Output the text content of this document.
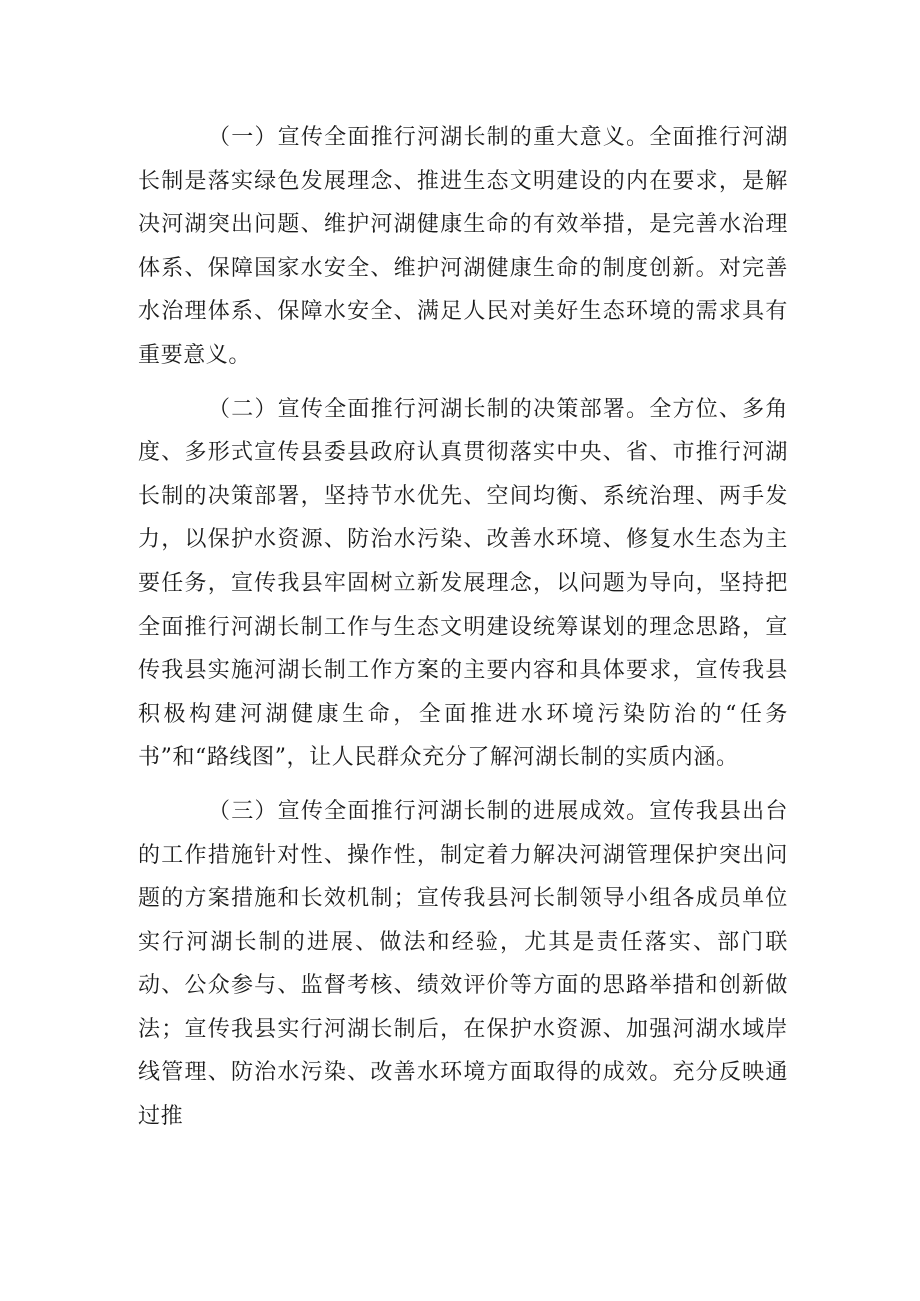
（一）宣传全面推行河湖长制的重大意义。全面推行河湖长制是落实绿色发展理念、推进生态文明建设的内在要求，是解决河湖突出问题、维护河湖健康生命的有效举措，是完善水治理体系、保障国家水安全、维护河湖健康生命的制度创新。对完善水治理体系、保障水安全、满足人民对美好生态环境的需求具有重要意义。

（二）宣传全面推行河湖长制的决策部署。全方位、多角度、多形式宣传县委县政府认真贯彻落实中央、省、市推行河湖长制的决策部署，坚持节水优先、空间均衡、系统治理、两手发力，以保护水资源、防治水污染、改善水环境、修复水生态为主要任务，宣传我县牢固树立新发展理念，以问题为导向，坚持把全面推行河湖长制工作与生态文明建设统筹谋划的理念思路，宣传我县实施河湖长制工作方案的主要内容和具体要求，宣传我县积极构建河湖健康生命，全面推进水环境污染防治的“任务书”和“路线图”，让人民群众充分了解河湖长制的实质内涵。

（三）宣传全面推行河湖长制的进展成效。宣传我县出台的工作措施针对性、操作性，制定着力解决河湖管理保护突出问题的方案措施和长效机制；宣传我县河长制领导小组各成员单位实行河湖长制的进展、做法和经验，尤其是责任落实、部门联动、公众参与、监督考核、绩效评价等方面的思路举措和创新做法；宣传我县实行河湖长制后，在保护水资源、加强河湖水域岸线管理、防治水污染、改善水环境方面取得的成效。充分反映通过推
